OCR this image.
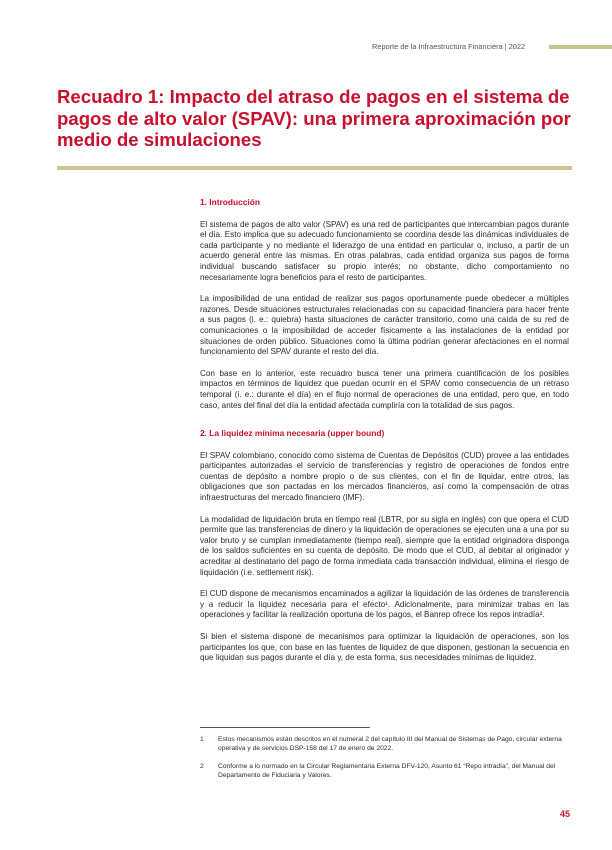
Reporte de la Infraestructura Financiera | 2022
Recuadro 1: Impacto del atraso de pagos en el sistema de pagos de alto valor (SPAV): una primera aproximación por medio de simulaciones
1. Introducción

El sistema de pagos de alto valor (SPAV) es una red de participantes que intercambian pagos durante el día. Esto implica que su adecuado funcionamiento se coordina desde las dinámicas individuales de cada participante y no mediante el liderazgo de una entidad en particular o, incluso, a partir de un acuerdo general entre las mismas. En otras palabras, cada entidad organiza sus pagos de forma individual buscando satisfacer su propio interés; no obstante, dicho comportamiento no necesariamente logra beneficios para el resto de participantes.

La imposibilidad de una entidad de realizar sus pagos oportunamente puede obedecer a múltiples razones. Desde situaciones estructurales relacionadas con su capacidad financiera para hacer frente a sus pagos (i. e.: quiebra) hasta situaciones de carácter transitorio, como una caída de su red de comunicaciones o la imposibilidad de acceder físicamente a las instalaciones de la entidad por situaciones de orden público. Situaciones como la última podrían generar afectaciones en el normal funcionamiento del SPAV durante el resto del día.

Con base en lo anterior, este recuadro busca tener una primera cuantificación de los posibles impactos en términos de liquidez que puedan ocurrir en el SPAV como consecuencia de un retraso temporal (i. e.: durante el día) en el flujo normal de operaciones de una entidad, pero que, en todo caso, antes del final del día la entidad afectada cumpliría con la totalidad de sus pagos.

2. La liquidez mínima necesaria (upper bound)

El SPAV colombiano, conocido como sistema de Cuentas de Depósitos (CUD) provee a las entidades participantes autorizadas el servicio de transferencias y registro de operaciones de fondos entre cuentas de depósito a nombre propio o de sus clientes, con el fin de liquidar, entre otros, las obligaciones que son pactadas en los mercados financieros, así como la compensación de otras infraestructuras del mercado financiero (IMF).

La modalidad de liquidación bruta en tiempo real (LBTR, por su sigla en inglés) con que opera el CUD permite que las transferencias de dinero y la liquidación de operaciones se ejecuten una a una por su valor bruto y se cumplan inmediatamente (tiempo real), siempre que la entidad originadora disponga de los saldos suficientes en su cuenta de depósito. De modo que el CUD, al debitar al originador y acreditar al destinatario del pago de forma inmediata cada transacción individual, elimina el riesgo de liquidación (i.e. settlement risk).

El CUD dispone de mecanismos encaminados a agilizar la liquidación de las órdenes de transferencia y a reducir la liquidez necesaria para el efecto¹. Adicionalmente, para minimizar trabas en las operaciones y facilitar la realización oportuna de los pagos, el Banrep ofrece los repos intradía².

Si bien el sistema dispone de mecanismos para optimizar la liquidación de operaciones, son los participantes los que, con base en las fuentes de liquidez de que disponen, gestionan la secuencia en que liquidan sus pagos durante el día y, de esta forma, sus necesidades mínimas de liquidez.

1	Estos mecanismos están descritos en el numeral 2 del capítulo III del Manual de Sistemas de Pago, circular externa operativa y de servicios DSP-158 del 17 de enero de 2022.
2	Conforme a lo normado en la Circular Reglamentaria Externa DFV-120, Asunto 61 “Repo intradía”, del Manual del Departamento de Fiduciaria y Valores.
45
